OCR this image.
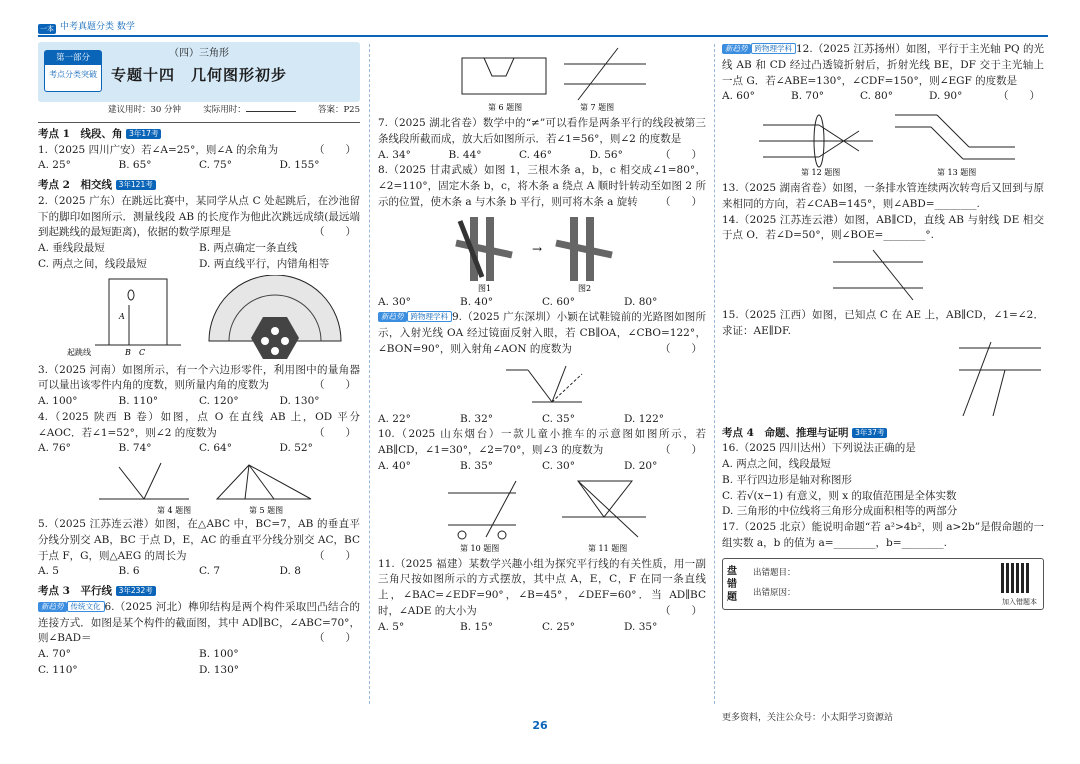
一本 中考真题分类 数学
第一部分
考点分类突破
（四）三角形
专题十四　几何图形初步
建议用时：30 分钟	实际用时：	答案：P25
考点 1　线段、角 3年17考
1.（2025 四川广安）若∠A=25°，则∠A 的余角为	（　　）
A. 25°	B. 65°	C. 75°	D. 155°
考点 2　相交线 3年121考
2.（2025 广东）在跳远比赛中，某同学从点 C 处起跳后，在沙池留下的脚印如图所示．测量线段 AB 的长度作为他此次跳远成绩(最远端到起跳线的最短距离)，依据的数学原理是	（　　）
A. 垂线段最短	B. 两点确定一条直线
C. 两点之间，线段最短	D. 两直线平行，内错角相等
A
B C
起跳线
3.（2025 河南）如图所示，有一个六边形零件，利用图中的量角器可以量出该零件内角的度数，则所量内角的度数为	（　　）
A. 100°	B. 110°	C. 120°	D. 130°
4.（2025 陕西 B 卷）如图，点 O 在直线 AB 上，OD 平分∠AOC．若∠1=52°，则∠2 的度数为	（　　）
A. 76°	B. 74°	C. 64°	D. 52°
第 4 题图	第 5 题图
5.（2025 江苏连云港）如图，在△ABC 中，BC=7，AB 的垂直平分线分别交 AB，BC 于点 D，E，AC 的垂直平分线分别交 AC，BC 于点 F，G，则△AEG 的周长为	（　　）
A. 5	B. 6	C. 7	D. 8
考点 3　平行线 3年232考
新趋势 传统文化 6.（2025 河北）榫卯结构是两个构件采取凹凸结合的连接方式．如图是某个构件的截面图，其中 AD∥BC，∠ABC=70°，则∠BAD＝	（　　）
A. 70°	B. 100°
C. 110°	D. 130°
第 6 题图	第 7 题图
7.（2025 湖北省卷）数学中的“≠”可以看作是两条平行的线段被第三条线段所截而成，放大后如图所示．若∠1=56°，则∠2 的度数是
（　　）
A. 34°	B. 44°	C. 46°	D. 56°
8.（2025 甘肃武威）如图 1，三根木条 a，b，c 相交成∠1=80°，∠2=110°，固定木条 b，c，将木条 a 绕点 A 顺时针转动至如图 2 所示的位置，使木条 a 与木条 b 平行，则可将木条 a 旋转 （　　）
→
图1	图2
A. 30°	B. 40°	C. 60°	D. 80°
新趋势 跨物理学科 9.（2025 广东深圳）小颖在试鞋镜前的光路图如图所示，入射光线 OA 经过镜面反射入眼，若 CB∥OA，∠CBO=122°，∠BON=90°，则入射角∠AON 的度数为	（　　）
A. 22°	B. 32°	C. 35°	D. 122°
10.（2025 山东烟台）一款儿童小推车的示意图如图所示，若 AB∥CD，∠1=30°，∠2=70°，则∠3 的度数为	（　　）
A. 40°	B. 35°	C. 30°	D. 20°
第 10 题图	第 11 题图
11.（2025 福建）某数学兴趣小组为探究平行线的有关性质，用一副三角尺按如图所示的方式摆放，其中点 A，E，C，F 在同一条直线上，∠BAC=∠EDF=90°，∠B=45°，∠DEF=60°．当 AD∥BC 时，∠ADE 的大小为	（　　）
A. 5°	B. 15°	C. 25°	D. 35°
新趋势 跨物理学科 12.（2025 江苏扬州）如图，平行于主光轴 PQ 的光线 AB 和 CD 经过凸透镜折射后，折射光线 BE，DF 交于主光轴上一点 G．若∠ABE=130°，∠CDF=150°，则∠EGF 的度数是
（　　）
A. 60°	B. 70°	C. 80°	D. 90°
第 12 题图	第 13 题图
13.（2025 湖南省卷）如图，一条排水管连续两次转弯后又回到与原来相同的方向，若∠CAB=145°，则∠ABD=________.
14.（2025 江苏连云港）如图，AB∥CD，直线 AB 与射线 DE 相交于点 O．若∠D=50°，则∠BOE=________°.
15.（2025 江西）如图，已知点 C 在 AE 上，AB∥CD，∠1=∠2．求证：AE∥DF.
考点 4　命题、推理与证明 3年37考
16.（2025 四川达州）下列说法正确的是
A. 两点之间，线段最短
B. 平行四边形是轴对称图形
C. 若√(x−1) 有意义，则 x 的取值范围是全体实数
D. 三角形的中位线将三角形分成面积相等的两部分
17.（2025 北京）能说明命题“若 a²>4b²，则 a>2b”是假命题的一组实数 a，b 的值为 a=________，b=________.
盘错题
出错题目：
出错原因：
加入错题本
26
更多资料，关注公众号：小太阳学习资源站
